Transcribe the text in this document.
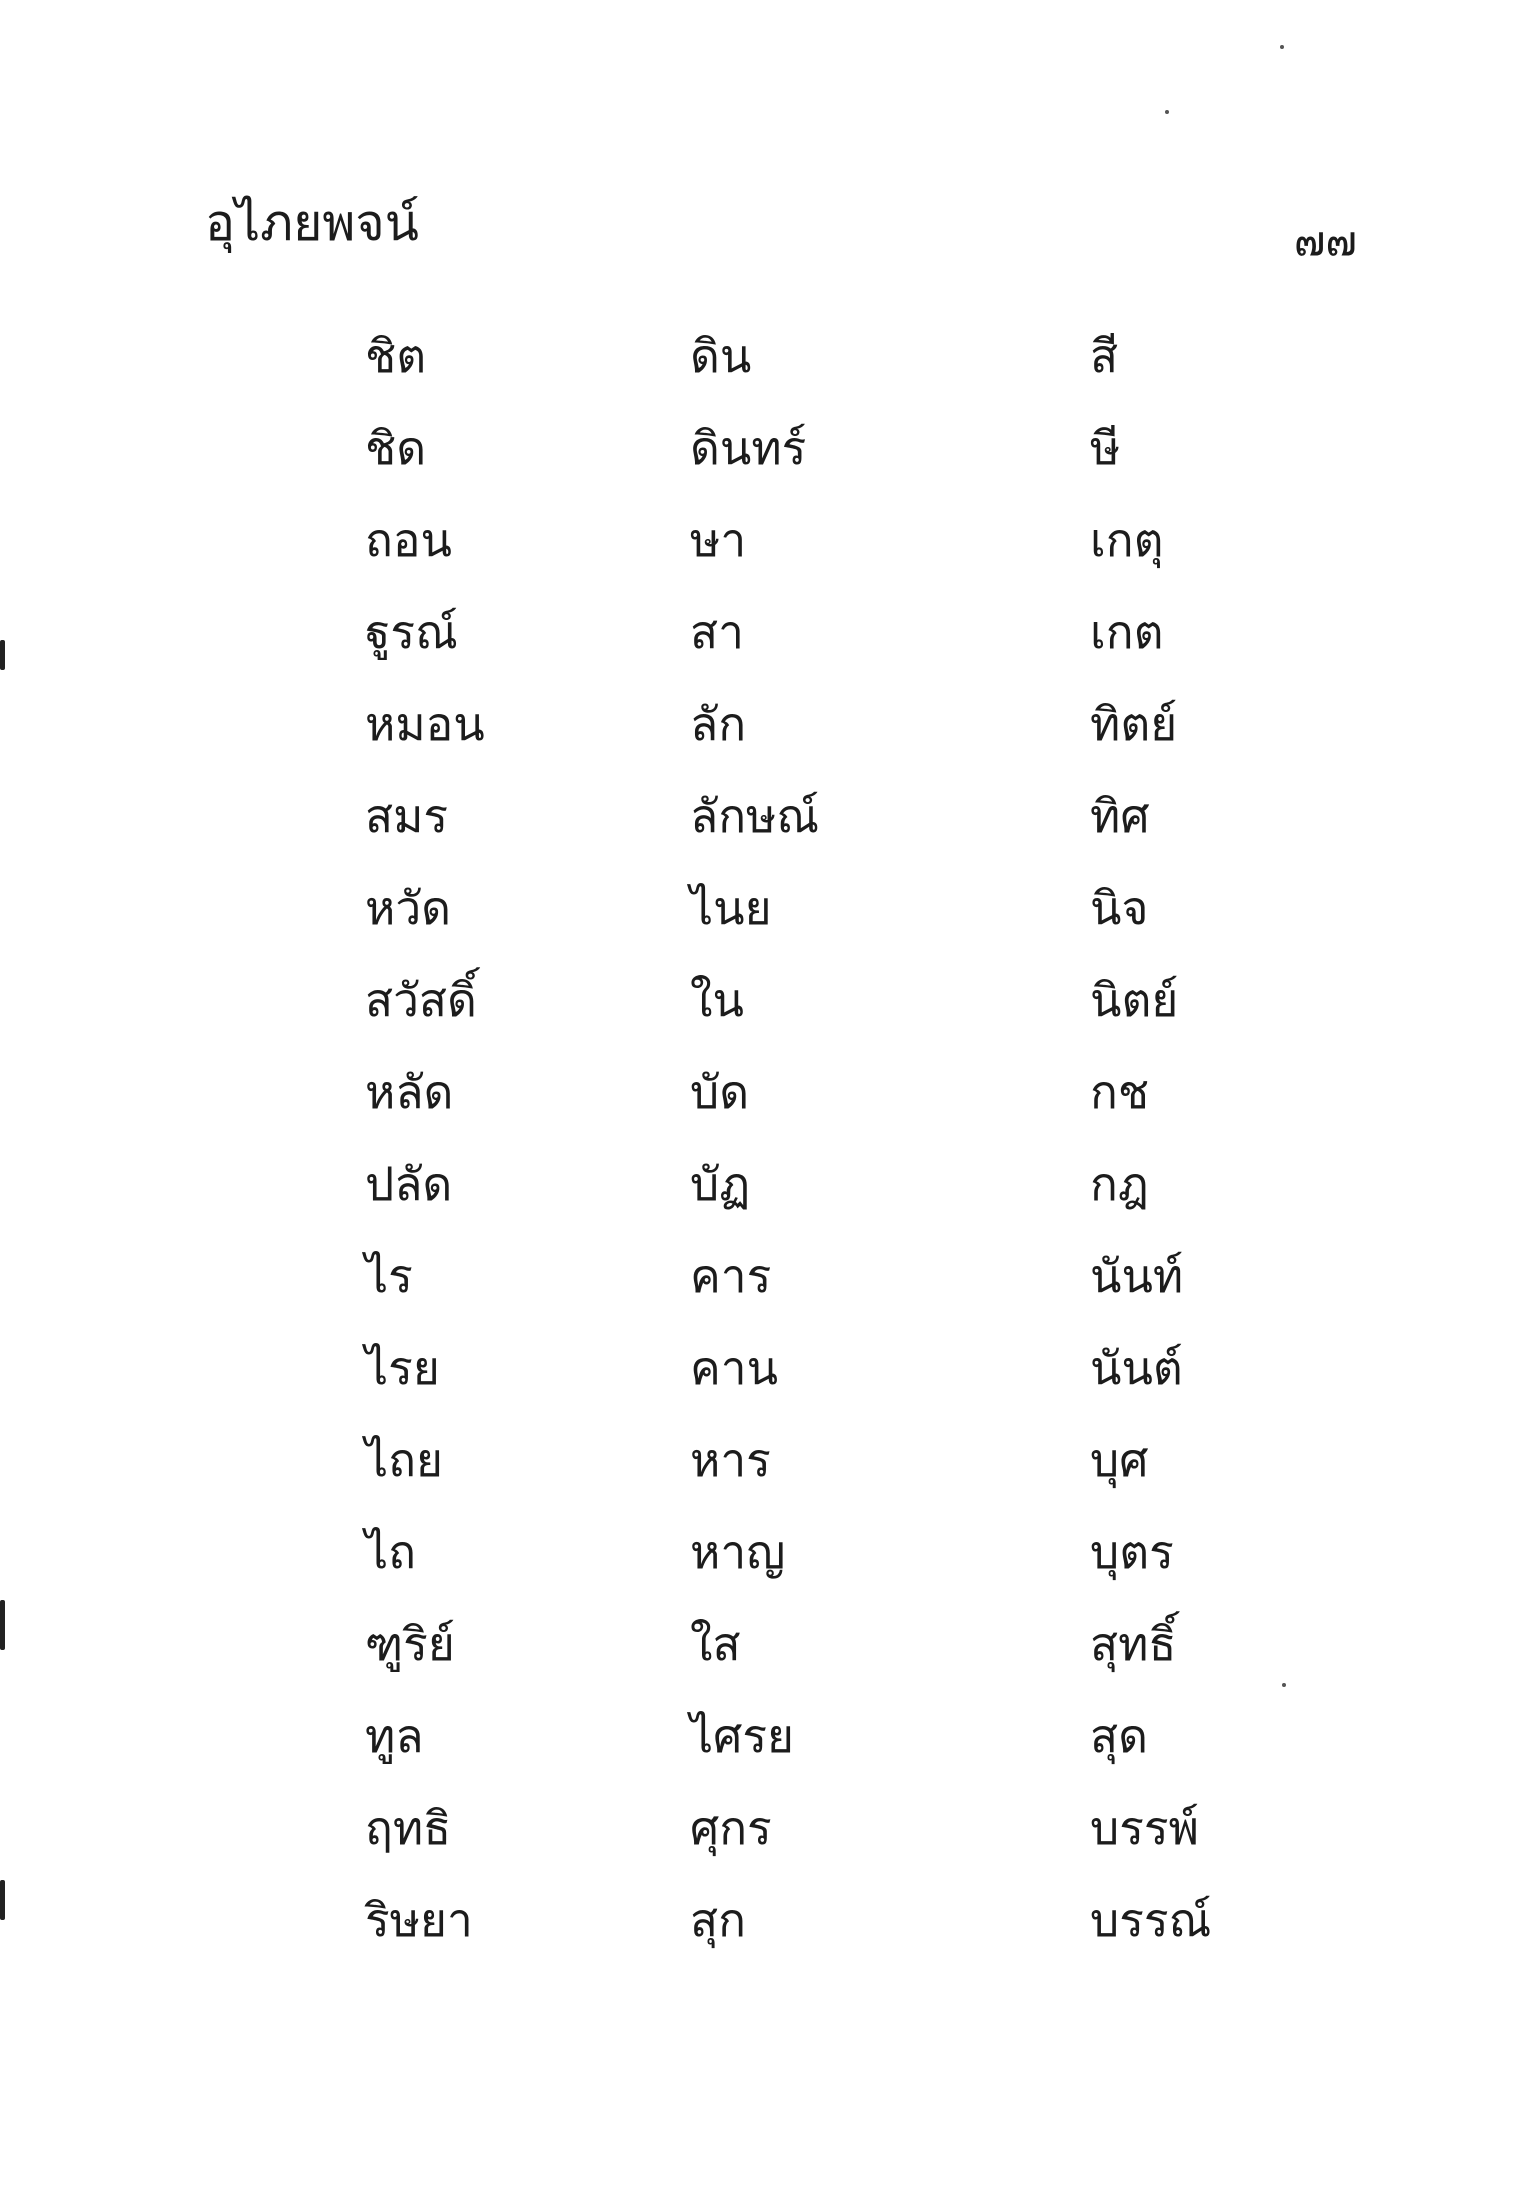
อุไภยพจน์	๗๗
ชิต
ชิด
ถอน
ฐูรณ์
หมอน
สมร
หวัด
สวัสดิ์
หลัด
ปลัด
ไร
ไรย
ไถย
ไถ
ฑูริย์
ทูล
ฤทธิ
ริษยา
ดิน
ดินทร์
ษา
สา
ลัก
ลักษณ์
ไนย
ใน
บัด
บัฏ
คาร
คาน
หาร
หาญ
ใส
ไศรย
ศุกร
สุก
สี
ษี
เกตุ
เกต
ทิตย์
ทิศ
นิจ
นิตย์
กช
กฎ
นันท์
นันต์
บุศ
บุตร
สุทธิ์
สุด
บรรพ์
บรรณ์
